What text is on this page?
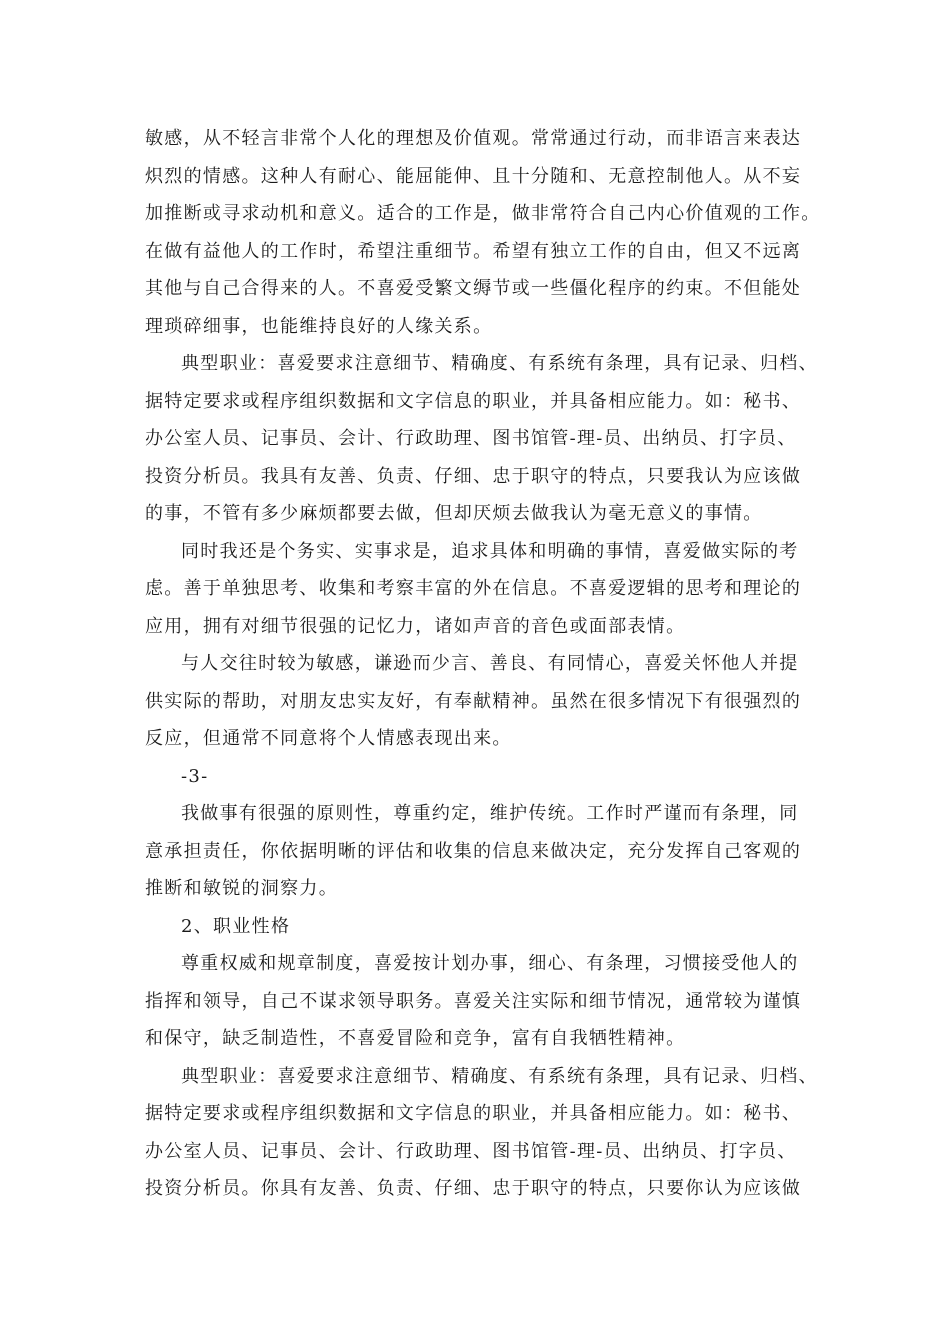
敏感，从不轻言非常个人化的理想及价值观。常常通过行动，而非语言来表达
炽烈的情感。这种人有耐心、能屈能伸、且十分随和、无意控制他人。从不妄
加推断或寻求动机和意义。适合的工作是，做非常符合自己内心价值观的工作。
在做有益他人的工作时，希望注重细节。希望有独立工作的自由，但又不远离
其他与自己合得来的人。不喜爱受繁文缛节或一些僵化程序的约束。不但能处
理琐碎细事，也能维持良好的人缘关系。
典型职业：喜爱要求注意细节、精确度、有系统有条理，具有记录、归档、
据特定要求或程序组织数据和文字信息的职业，并具备相应能力。如：秘书、
办公室人员、记事员、会计、行政助理、图书馆管-理-员、出纳员、打字员、
投资分析员。我具有友善、负责、仔细、忠于职守的特点，只要我认为应该做
的事，不管有多少麻烦都要去做，但却厌烦去做我认为毫无意义的事情。
同时我还是个务实、实事求是，追求具体和明确的事情，喜爱做实际的考
虑。善于单独思考、收集和考察丰富的外在信息。不喜爱逻辑的思考和理论的
应用，拥有对细节很强的记忆力，诸如声音的音色或面部表情。
与人交往时较为敏感，谦逊而少言、善良、有同情心，喜爱关怀他人并提
供实际的帮助，对朋友忠实友好，有奉献精神。虽然在很多情况下有很强烈的
反应，但通常不同意将个人情感表现出来。
-3-
我做事有很强的原则性，尊重约定，维护传统。工作时严谨而有条理，同
意承担责任，你依据明晰的评估和收集的信息来做决定，充分发挥自己客观的
推断和敏锐的洞察力。
2、职业性格
尊重权威和规章制度，喜爱按计划办事，细心、有条理，习惯接受他人的
指挥和领导，自己不谋求领导职务。喜爱关注实际和细节情况，通常较为谨慎
和保守，缺乏制造性，不喜爱冒险和竞争，富有自我牺牲精神。
典型职业：喜爱要求注意细节、精确度、有系统有条理，具有记录、归档、
据特定要求或程序组织数据和文字信息的职业，并具备相应能力。如：秘书、
办公室人员、记事员、会计、行政助理、图书馆管-理-员、出纳员、打字员、
投资分析员。你具有友善、负责、仔细、忠于职守的特点，只要你认为应该做
